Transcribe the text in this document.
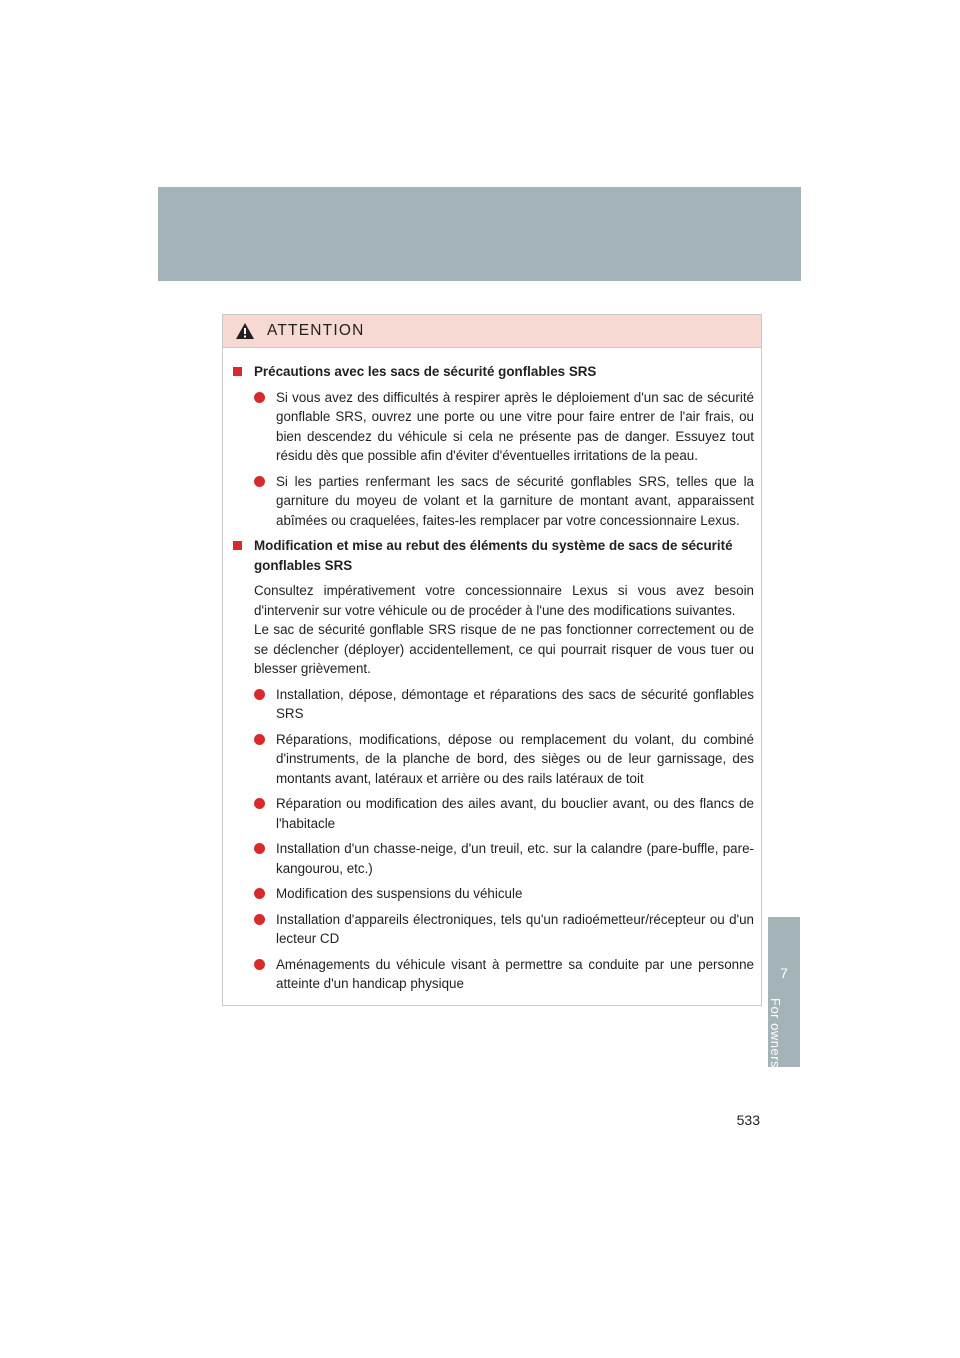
7
For owners
ATTENTION
Précautions avec les sacs de sécurité gonflables SRS
Si vous avez des difficultés à respirer après le déploiement d'un sac de sécurité gonflable SRS, ouvrez une porte ou une vitre pour faire entrer de l'air frais, ou bien descendez du véhicule si cela ne présente pas de danger. Essuyez tout résidu dès que possible afin d'éviter d'éventuelles irritations de la peau.
Si les parties renfermant les sacs de sécurité gonflables SRS, telles que la garniture du moyeu de volant et la garniture de montant avant, apparaissent abîmées ou craquelées, faites-les remplacer par votre concessionnaire Lexus.
Modification et mise au rebut des éléments du système de sacs de sécurité gonflables SRS
Consultez impérativement votre concessionnaire Lexus si vous avez besoin d'intervenir sur votre véhicule ou de procéder à l'une des modifications suivantes.
Le sac de sécurité gonflable SRS risque de ne pas fonctionner correctement ou de se déclencher (déployer) accidentellement, ce qui pourrait risquer de vous tuer ou blesser grièvement.
Installation, dépose, démontage et réparations des sacs de sécurité gonflables SRS
Réparations, modifications, dépose ou remplacement du volant, du combiné d'instruments, de la planche de bord, des sièges ou de leur garnissage, des montants avant, latéraux et arrière ou des rails latéraux de toit
Réparation ou modification des ailes avant, du bouclier avant, ou des flancs de l'habitacle
Installation d'un chasse-neige, d'un treuil, etc. sur la calandre (pare-buffle, pare-kangourou, etc.)
Modification des suspensions du véhicule
Installation d'appareils électroniques, tels qu'un radioémetteur/récepteur ou d'un lecteur CD
Aménagements du véhicule visant à permettre sa conduite par une personne atteinte d'un handicap physique
533
